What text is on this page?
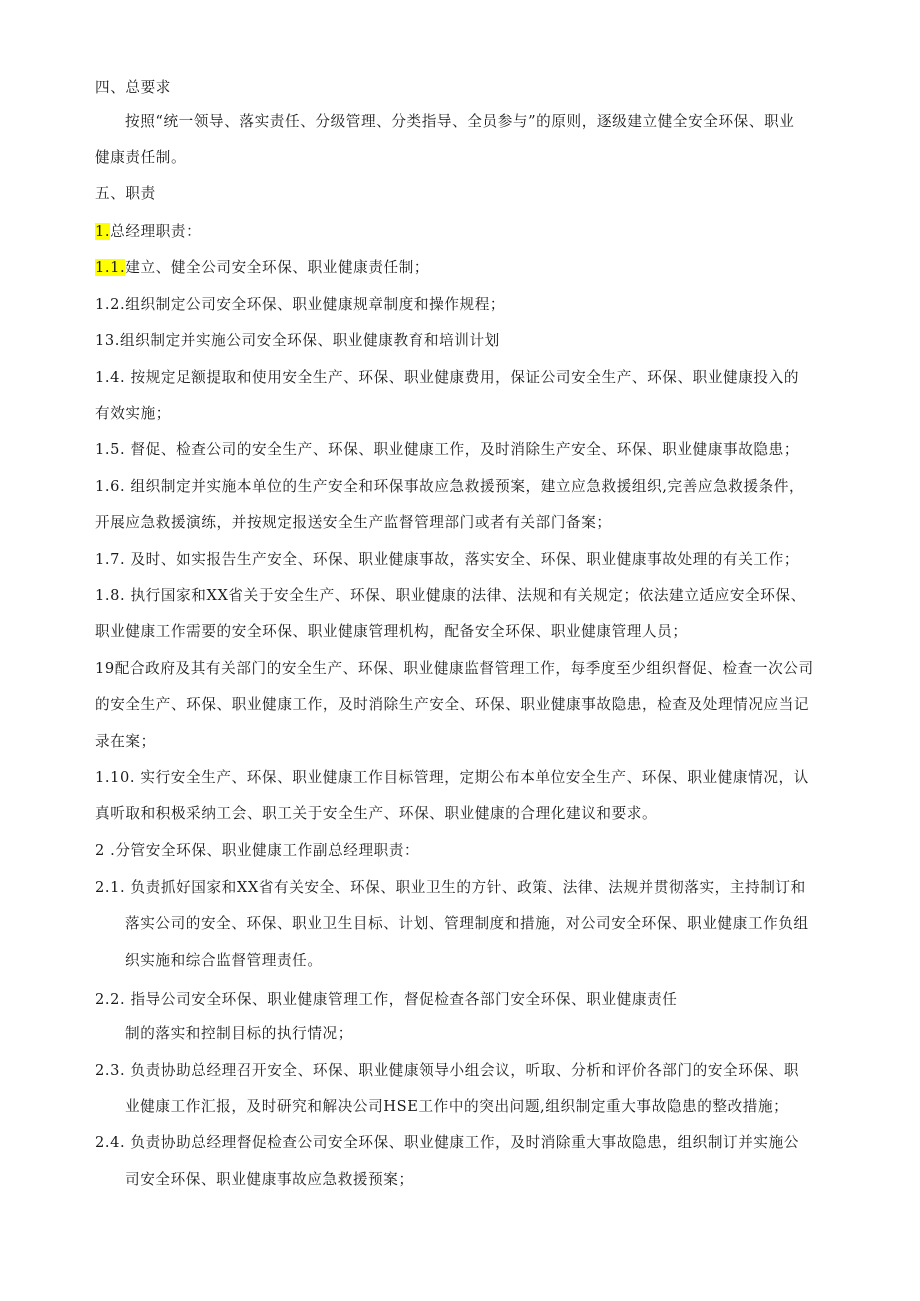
四、总要求
按照“统一领导、落实责任、分级管理、分类指导、全员参与”的原则，逐级建立健全安全环保、职业
健康责任制。
五、职责
1.总经理职责：
1.1.建立、健全公司安全环保、职业健康责任制；
1.2.组织制定公司安全环保、职业健康规章制度和操作规程；
13.组织制定并实施公司安全环保、职业健康教育和培训计划
1.4. 按规定足额提取和使用安全生产、环保、职业健康费用，保证公司安全生产、环保、职业健康投入的
有效实施；
1.5. 督促、检查公司的安全生产、环保、职业健康工作，及时消除生产安全、环保、职业健康事故隐患；
1.6. 组织制定并实施本单位的生产安全和环保事故应急救援预案，建立应急救援组织,完善应急救援条件，
开展应急救援演练，并按规定报送安全生产监督管理部门或者有关部门备案；
1.7. 及时、如实报告生产安全、环保、职业健康事故，落实安全、环保、职业健康事故处理的有关工作；
1.8. 执行国家和XX省关于安全生产、环保、职业健康的法律、法规和有关规定；依法建立适应安全环保、
职业健康工作需要的安全环保、职业健康管理机构，配备安全环保、职业健康管理人员；
19配合政府及其有关部门的安全生产、环保、职业健康监督管理工作，每季度至少组织督促、检查一次公司
的安全生产、环保、职业健康工作，及时消除生产安全、环保、职业健康事故隐患，检查及处理情况应当记
录在案；
1.10. 实行安全生产、环保、职业健康工作目标管理，定期公布本单位安全生产、环保、职业健康情况，认
真听取和积极采纳工会、职工关于安全生产、环保、职业健康的合理化建议和要求。
2 .分管安全环保、职业健康工作副总经理职责：
2.1. 负责抓好国家和XX省有关安全、环保、职业卫生的方针、政策、法律、法规并贯彻落实，主持制订和
落实公司的安全、环保、职业卫生目标、计划、管理制度和措施，对公司安全环保、职业健康工作负组
织实施和综合监督管理责任。
2.2. 指导公司安全环保、职业健康管理工作，督促检查各部门安全环保、职业健康责任
制的落实和控制目标的执行情况；
2.3. 负责协助总经理召开安全、环保、职业健康领导小组会议，听取、分析和评价各部门的安全环保、职
业健康工作汇报，及时研究和解决公司HSE工作中的突出问题,组织制定重大事故隐患的整改措施；
2.4. 负责协助总经理督促检查公司安全环保、职业健康工作，及时消除重大事故隐患，组织制订并实施公
司安全环保、职业健康事故应急救援预案；
